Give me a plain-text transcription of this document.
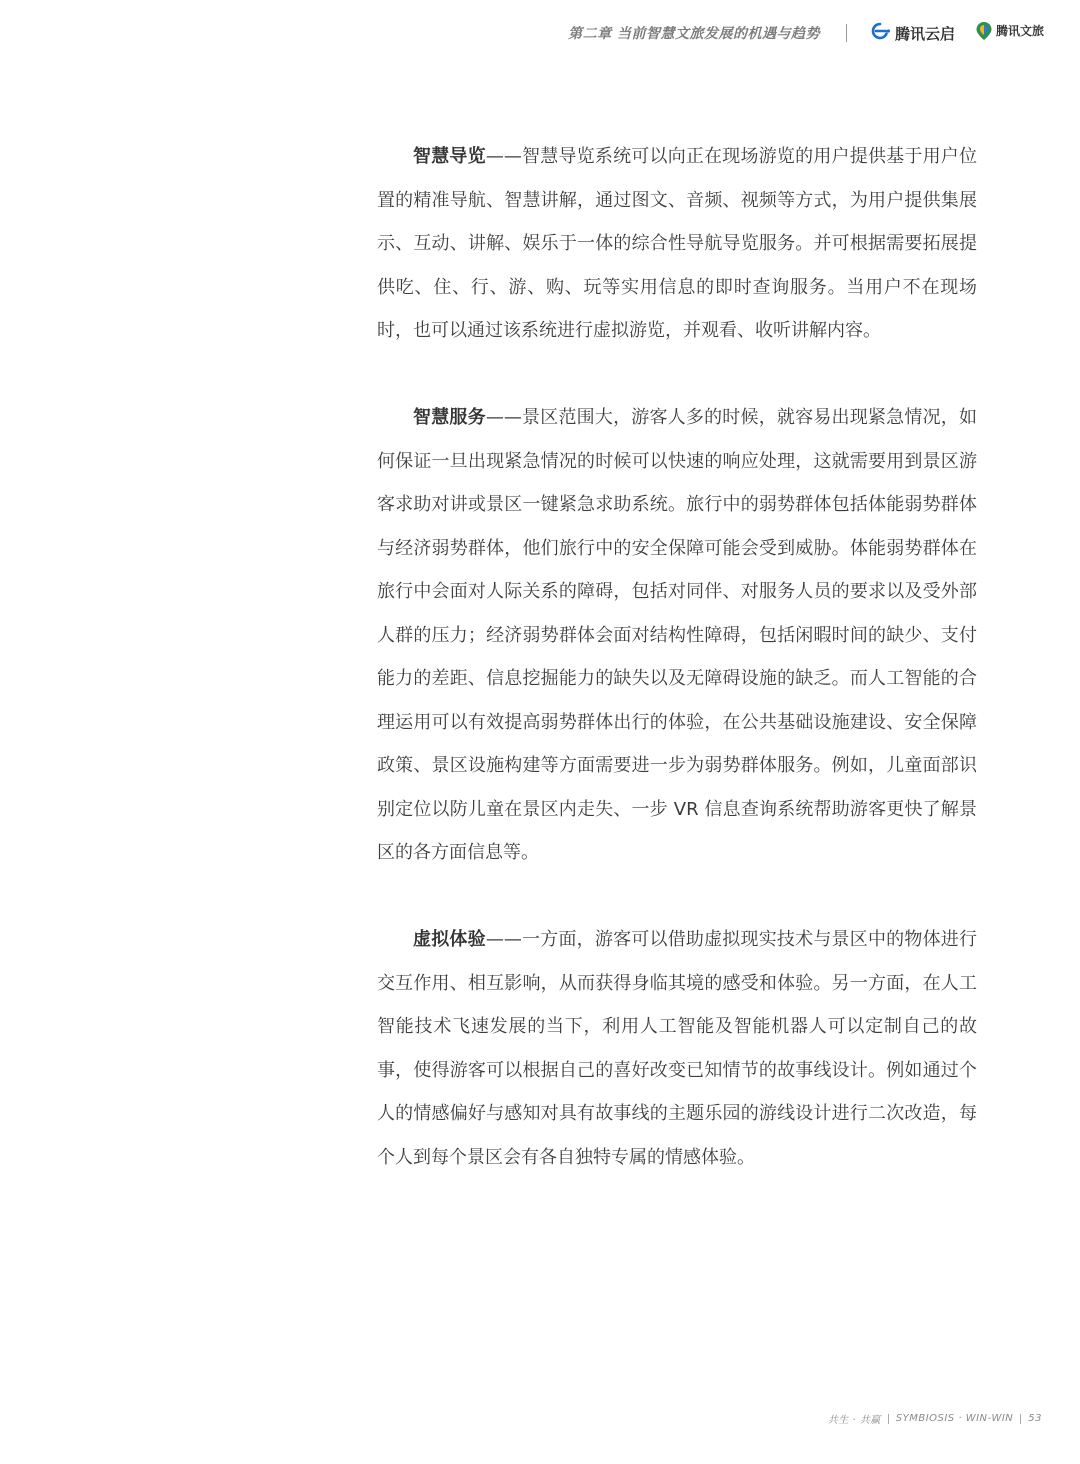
第二章 当前智慧文旅发展的机遇与趋势	腾讯云启	腾讯文旅

智慧导览——智慧导览系统可以向正在现场游览的用户提供基于用户位置的精准导航、智慧讲解，通过图文、音频、视频等方式，为用户提供集展示、互动、讲解、娱乐于一体的综合性导航导览服务。并可根据需要拓展提供吃、住、行、游、购、玩等实用信息的即时查询服务。当用户不在现场时，也可以通过该系统进行虚拟游览，并观看、收听讲解内容。

智慧服务——景区范围大，游客人多的时候，就容易出现紧急情况，如何保证一旦出现紧急情况的时候可以快速的响应处理，这就需要用到景区游客求助对讲或景区一键紧急求助系统。旅行中的弱势群体包括体能弱势群体与经济弱势群体，他们旅行中的安全保障可能会受到威胁。体能弱势群体在旅行中会面对人际关系的障碍，包括对同伴、对服务人员的要求以及受外部人群的压力；经济弱势群体会面对结构性障碍，包括闲暇时间的缺少、支付能力的差距、信息挖掘能力的缺失以及无障碍设施的缺乏。而人工智能的合理运用可以有效提高弱势群体出行的体验，在公共基础设施建设、安全保障政策、景区设施构建等方面需要进一步为弱势群体服务。例如，儿童面部识别定位以防儿童在景区内走失、一步 VR 信息查询系统帮助游客更快了解景区的各方面信息等。

虚拟体验——一方面，游客可以借助虚拟现实技术与景区中的物体进行交互作用、相互影响，从而获得身临其境的感受和体验。另一方面，在人工智能技术飞速发展的当下，利用人工智能及智能机器人可以定制自己的故事，使得游客可以根据自己的喜好改变已知情节的故事线设计。例如通过个人的情感偏好与感知对具有故事线的主题乐园的游线设计进行二次改造，每个人到每个景区会有各自独特专属的情感体验。

共生 · 共赢 SYMBIOSIS · WIN-WIN 53
